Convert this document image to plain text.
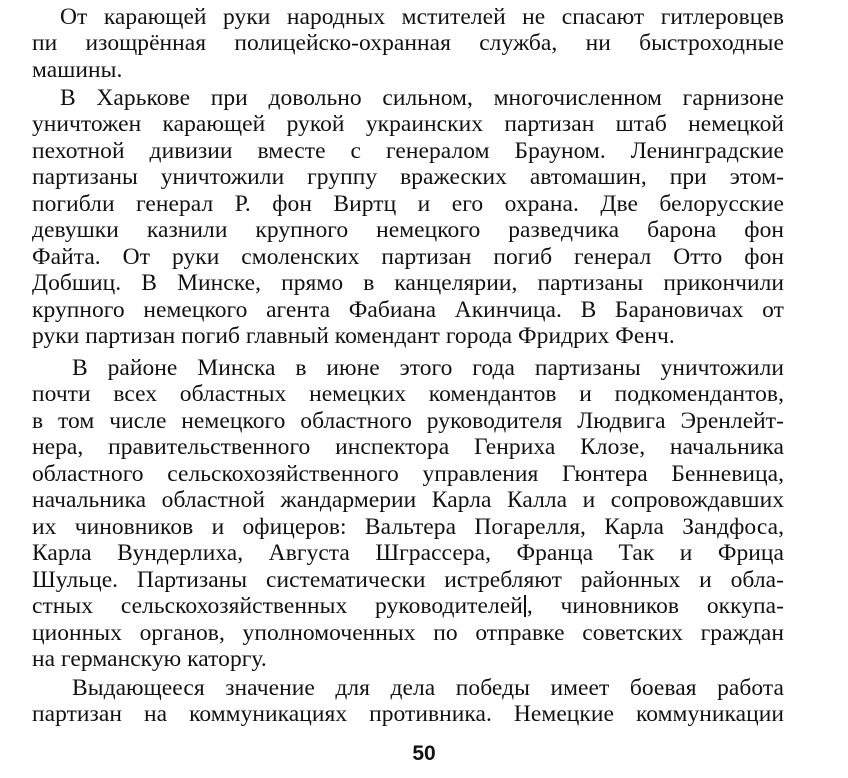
От карающей руки народных мстителей не спасают гитлеровцев
пи изощрённая полицейско-охранная служба, ни быстроходные
машины.
В Харькове при довольно сильном, многочисленном гарнизоне
уничтожен карающей рукой украинских партизан штаб немецкой
пехотной дивизии вместе с генералом Брауном. Ленинградские
партизаны уничтожили группу вражеских автомашин, при этом-
погибли генерал Р. фон Виртц и его охрана. Две белорусские
девушки казнили крупного немецкого разведчика барона фон
Файта. От руки смоленских партизан погиб генерал Отто фон
Добшиц. В Минске, прямо в канцелярии, партизаны прикончили
крупного немецкого агента Фабиана Акинчица. В Барановичах от
руки партизан погиб главный комендант города Фридрих Фенч.
В районе Минска в июне этого года партизаны уничтожили
почти всех областных немецких комендантов и подкомендантов,
в том числе немецкого областного руководителя Людвига Эренлейт-
нера, правительственного инспектора Генриха Клозе, начальника
областного сельскохозяйственного управления Гюнтера Бенневица,
начальника областной жандармерии Карла Калла и сопровождавших
их чиновников и офицеров: Вальтера Погарелля, Карла Зандфоса,
Карла Вундерлиха, Августа Шграссера, Франца Так и Фрица
Шульце. Партизаны систематически истребляют районных и обла-
стных сельскохозяйственных руководителей , чиновников оккупа-
ционных органов, уполномоченных по отправке советских граждан
на германскую каторгу.
Выдающееся значение для дела победы имеет боевая работа
партизан на коммуникациях противника. Немецкие коммуникации
50
